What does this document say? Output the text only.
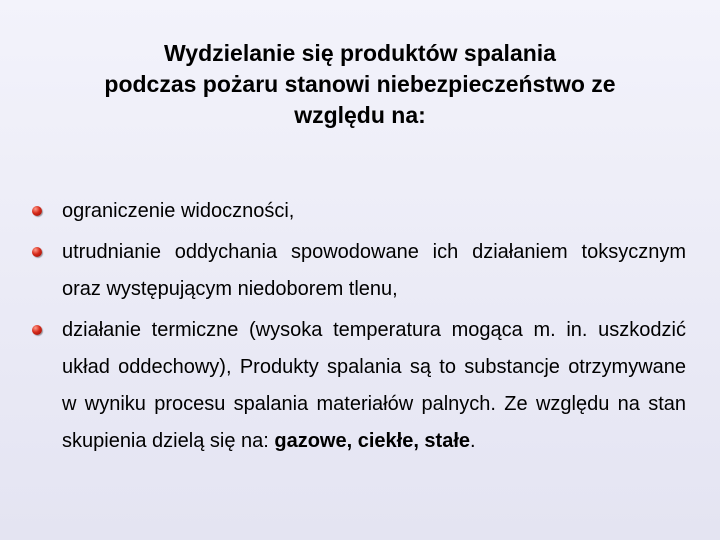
Wydzielanie się produktów spalania
podczas pożaru stanowi niebezpieczeństwo ze
względu na:
ograniczenie widoczności,
utrudnianie oddychania spowodowane ich działaniem toksycznym oraz występującym niedoborem tlenu,
działanie termiczne (wysoka temperatura mogąca m. in. uszkodzić układ oddechowy), Produkty spalania są to substancje otrzymywane w wyniku procesu spalania materiałów palnych. Ze względu na stan skupienia dzielą się na: gazowe, ciekłe, stałe.
